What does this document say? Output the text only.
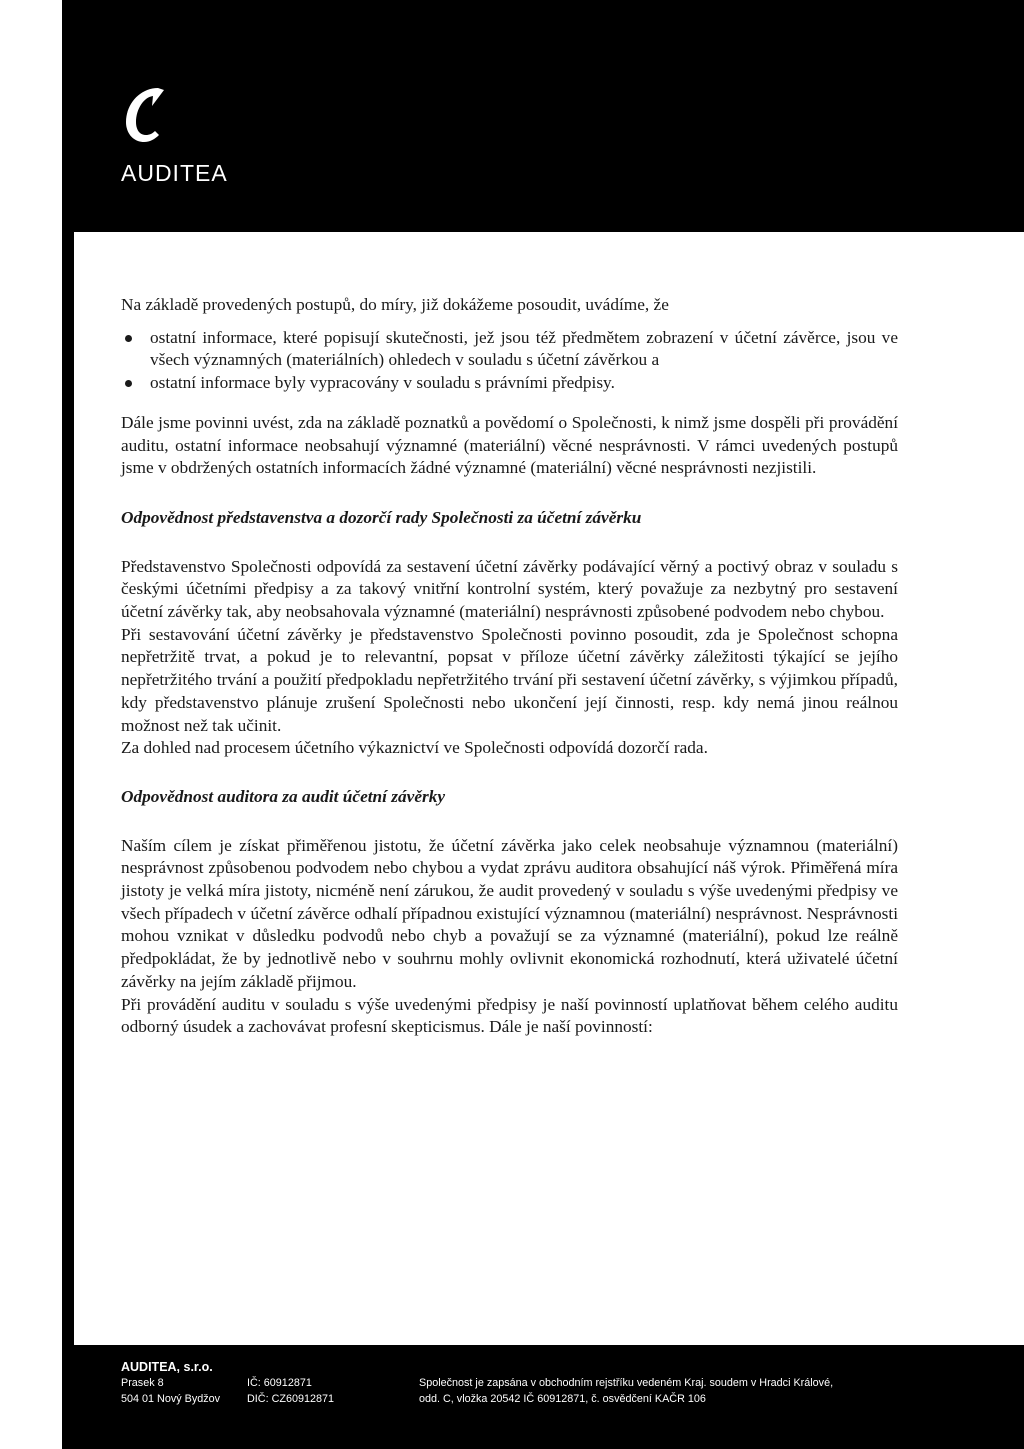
AUDITEA

Na základě provedených postupů, do míry, již dokážeme posoudit, uvádíme, že

ostatní informace, které popisují skutečnosti, jež jsou též předmětem zobrazení v účetní závěrce, jsou ve všech významných (materiálních) ohledech v souladu s účetní závěrkou a
ostatní informace byly vypracovány v souladu s právními předpisy.

Dále jsme povinni uvést, zda na základě poznatků a povědomí o Společnosti, k nimž jsme dospěli při provádění auditu, ostatní informace neobsahují významné (materiální) věcné nesprávnosti. V rámci uvedených postupů jsme v obdržených ostatních informacích žádné významné (materiální) věcné nesprávnosti nezjistili.

Odpovědnost představenstva a dozorčí rady Společnosti za účetní závěrku

Představenstvo Společnosti odpovídá za sestavení účetní závěrky podávající věrný a poctivý obraz v souladu s českými účetními předpisy a za takový vnitřní kontrolní systém, který považuje za nezbytný pro sestavení účetní závěrky tak, aby neobsahovala významné (materiální) nesprávnosti způsobené podvodem nebo chybou.

Při sestavování účetní závěrky je představenstvo Společnosti povinno posoudit, zda je Společnost schopna nepřetržitě trvat, a pokud je to relevantní, popsat v příloze účetní závěrky záležitosti týkající se jejího nepřetržitého trvání a použití předpokladu nepřetržitého trvání při sestavení účetní závěrky, s výjimkou případů, kdy představenstvo plánuje zrušení Společnosti nebo ukončení její činnosti, resp. kdy nemá jinou reálnou možnost než tak učinit.

Za dohled nad procesem účetního výkaznictví ve Společnosti odpovídá dozorčí rada.

Odpovědnost auditora za audit účetní závěrky

Naším cílem je získat přiměřenou jistotu, že účetní závěrka jako celek neobsahuje významnou (materiální) nesprávnost způsobenou podvodem nebo chybou a vydat zprávu auditora obsahující náš výrok. Přiměřená míra jistoty je velká míra jistoty, nicméně není zárukou, že audit provedený v souladu s výše uvedenými předpisy ve všech případech v účetní závěrce odhalí případnou existující významnou (materiální) nesprávnost. Nesprávnosti mohou vznikat v důsledku podvodů nebo chyb a považují se za významné (materiální), pokud lze reálně předpokládat, že by jednotlivě nebo v souhrnu mohly ovlivnit ekonomická rozhodnutí, která uživatelé účetní závěrky na jejím základě přijmou.

Při provádění auditu v souladu s výše uvedenými předpisy je naší povinností uplatňovat během celého auditu odborný úsudek a zachovávat profesní skepticismus. Dále je naší povinností:

AUDITEA, s.r.o.
Prasek 8
504 01 Nový Bydžov
IČ: 60912871
DIČ: CZ60912871
Společnost je zapsána v obchodním rejstříku vedeném Kraj. soudem v Hradci Králové,
odd. C, vložka 20542 IČ 60912871, č. osvědčení KAČR 106
